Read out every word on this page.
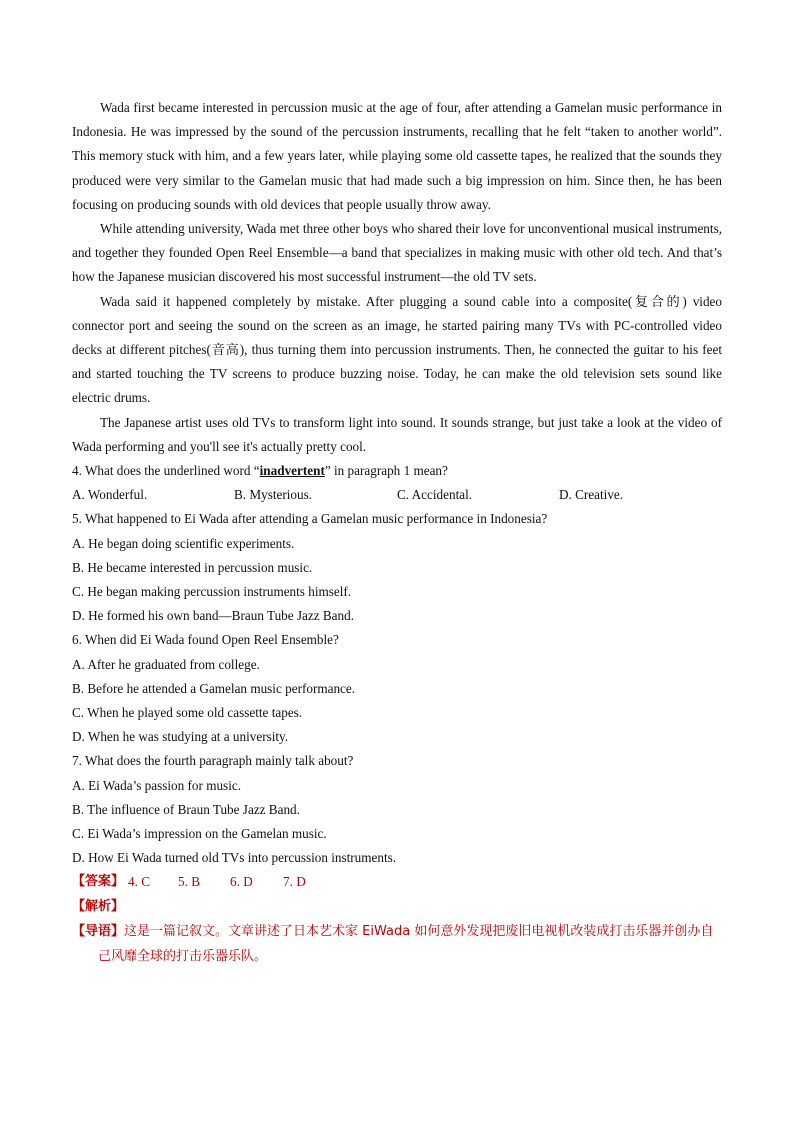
Wada first became interested in percussion music at the age of four, after attending a Gamelan music performance in Indonesia. He was impressed by the sound of the percussion instruments, recalling that he felt “taken to another world”. This memory stuck with him, and a few years later, while playing some old cassette tapes, he realized that the sounds they produced were very similar to the Gamelan music that had made such a big impression on him. Since then, he has been focusing on producing sounds with old devices that people usually throw away.

While attending university, Wada met three other boys who shared their love for unconventional musical instruments, and together they founded Open Reel Ensemble—a band that specializes in making music with other old tech. And that’s how the Japanese musician discovered his most successful instrument—the old TV sets.

Wada said it happened completely by mistake. After plugging a sound cable into a composite(复合的) video connector port and seeing the sound on the screen as an image, he started pairing many TVs with PC-controlled video decks at different pitches(音高), thus turning them into percussion instruments. Then, he connected the guitar to his feet and started touching the TV screens to produce buzzing noise. Today, he can make the old television sets sound like electric drums.

The Japanese artist uses old TVs to transform light into sound. It sounds strange, but just take a look at the video of Wada performing and you'll see it's actually pretty cool.

4. What does the underlined word “inadvertent” in paragraph 1 mean?

A. Wonderful.	B. Mysterious.	C. Accidental.	D. Creative.

5. What happened to Ei Wada after attending a Gamelan music performance in Indonesia?

A. He began doing scientific experiments.

B. He became interested in percussion music.

C. He began making percussion instruments himself.

D. He formed his own band—Braun Tube Jazz Band.

6. When did Ei Wada found Open Reel Ensemble?

A. After he graduated from college.

B. Before he attended a Gamelan music performance.

C. When he played some old cassette tapes.

D. When he was studying at a university.

7. What does the fourth paragraph mainly talk about?

A. Ei Wada’s passion for music.

B. The influence of Braun Tube Jazz Band.

C. Ei Wada’s impression on the Gamelan music.

D. How Ei Wada turned old TVs into percussion instruments.

【答案】 4. C 5. B 6. D 7. D

【解析】

【导语】这是一篇记叙文。文章讲述了日本艺术家 EiWada 如何意外发现把废旧电视机改装成打击乐器并创办自己风靡全球的打击乐器乐队。
